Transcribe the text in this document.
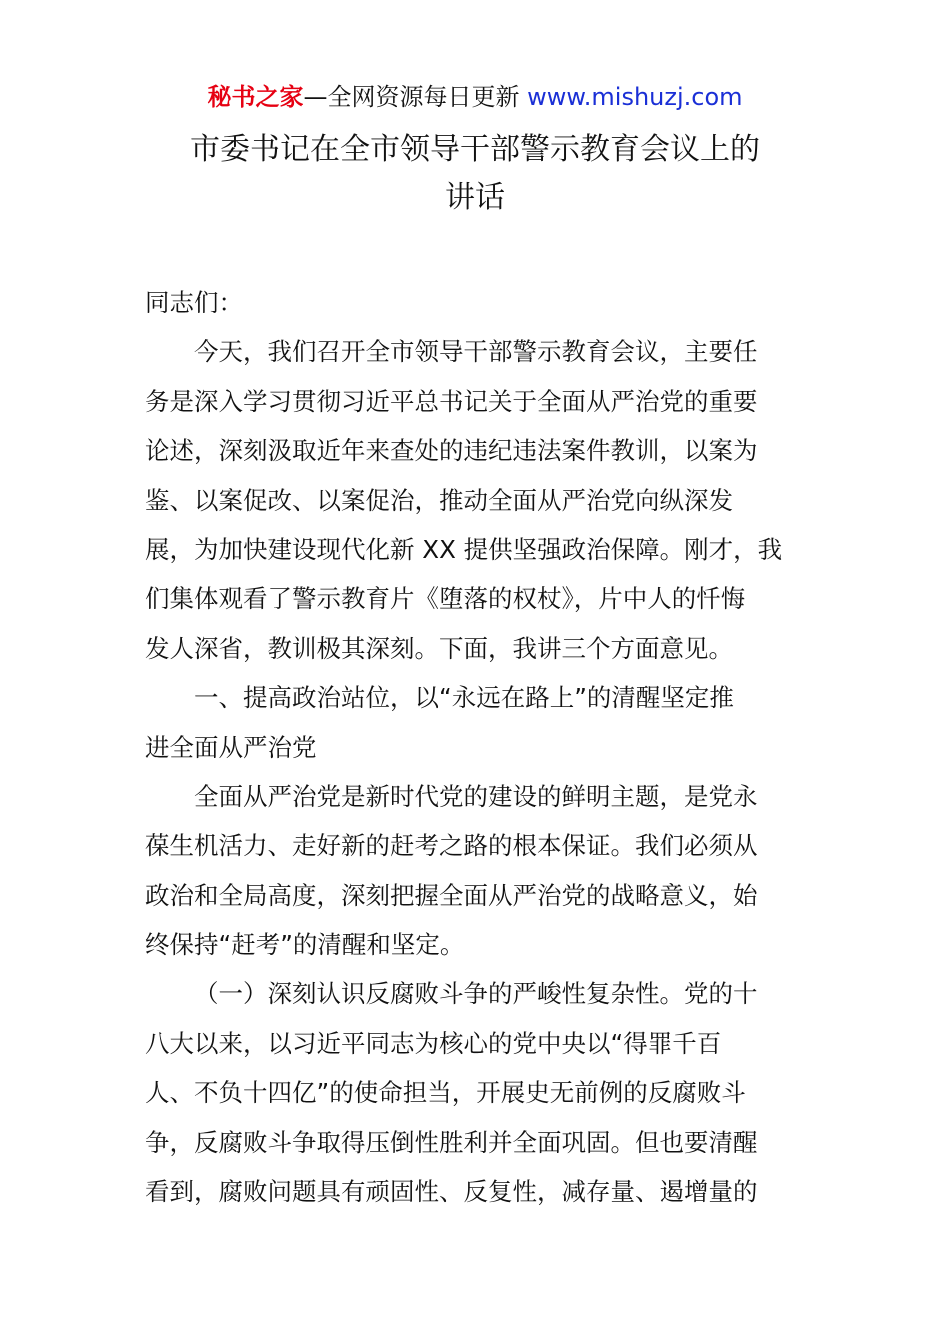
秘书之家—全网资源每日更新 www.mishuzj.com
市委书记在全市领导干部警示教育会议上的
讲话
同志们：
今天，我们召开全市领导干部警示教育会议，主要任
务是深入学习贯彻习近平总书记关于全面从严治党的重要
论述，深刻汲取近年来查处的违纪违法案件教训，以案为
鉴、以案促改、以案促治，推动全面从严治党向纵深发
展，为加快建设现代化新 XX 提供坚强政治保障。刚才，我
们集体观看了警示教育片《堕落的权杖》，片中人的忏悔
发人深省，教训极其深刻。下面，我讲三个方面意见。
一、提高政治站位，以“永远在路上”的清醒坚定推
进全面从严治党
全面从严治党是新时代党的建设的鲜明主题，是党永
葆生机活力、走好新的赶考之路的根本保证。我们必须从
政治和全局高度，深刻把握全面从严治党的战略意义，始
终保持“赶考”的清醒和坚定。
（一）深刻认识反腐败斗争的严峻性复杂性。党的十
八大以来，以习近平同志为核心的党中央以“得罪千百
人、不负十四亿”的使命担当，开展史无前例的反腐败斗
争，反腐败斗争取得压倒性胜利并全面巩固。但也要清醒
看到，腐败问题具有顽固性、反复性，减存量、遏增量的
